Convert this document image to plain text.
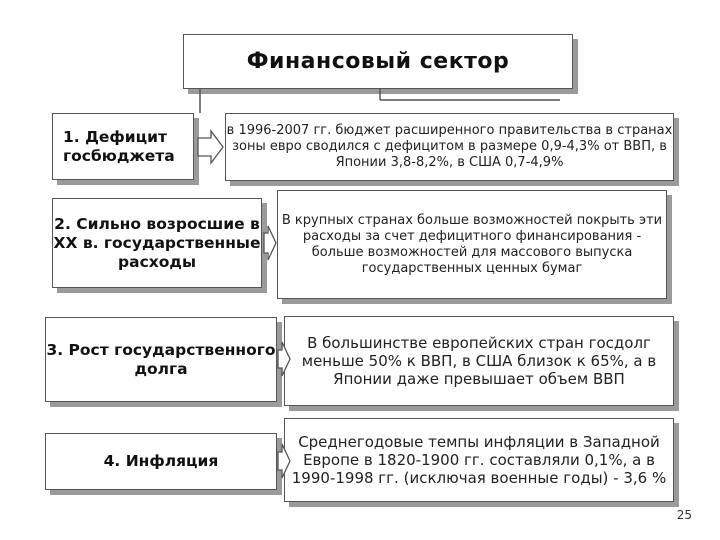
Финансовый сектор
1. Дефицит госбюджета
2. Сильно возросшие в XX в. государственные расходы
3. Рост государственного долга
4. Инфляция
в 1996-2007 гг. бюджет расширенного правительства в странах зоны евро сводился с дефицитом в размере 0,9-4,3% от ВВП, в Японии 3,8-8,2%, в США 0,7-4,9%
В крупных странах больше возможностей покрыть эти расходы за счет дефицитного финансирования - больше возможностей для массового выпуска государственных ценных бумаг
В большинстве европейских стран госдолг меньше 50% к ВВП, в США близок к 65%, а в Японии даже превышает объем ВВП
Среднегодовые темпы инфляции в Западной Европе в 1820-1900 гг. составляли 0,1%, а в 1990-1998 гг. (исключая военные годы) - 3,6 %
25
